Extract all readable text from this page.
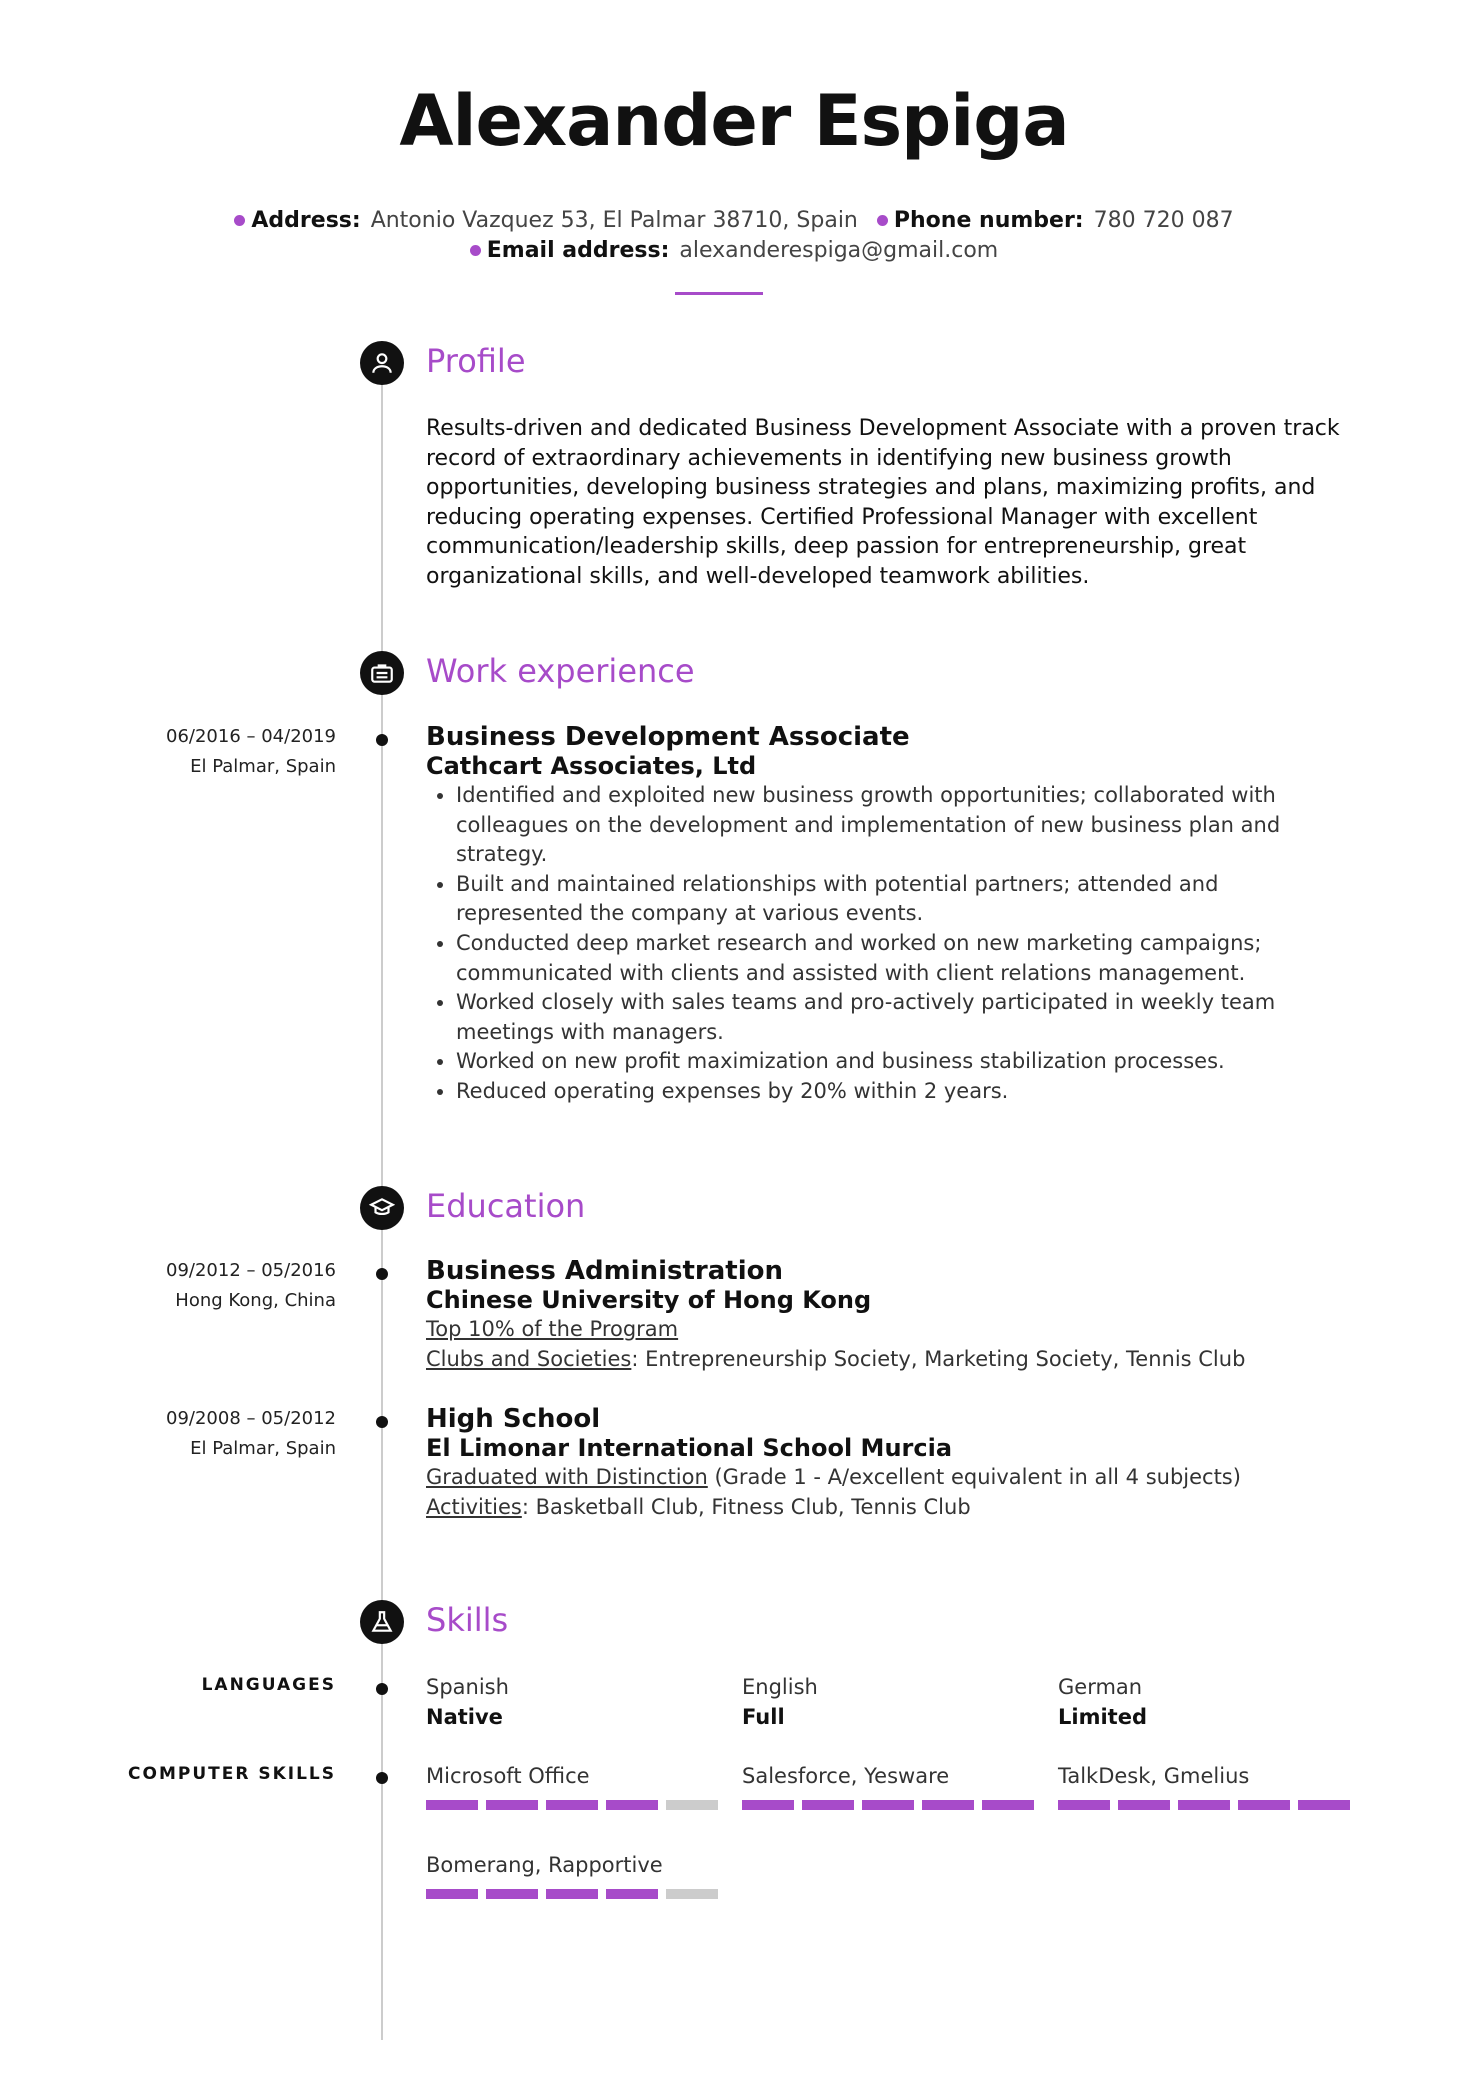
Alexander Espiga
Address: Antonio Vazquez 53, El Palmar 38710, Spain Phone number: 780 720 087
Email address: alexanderespiga@gmail.com
Profile

Results-driven and dedicated Business Development Associate with a proven track record of extraordinary achievements in identifying new business growth opportunities, developing business strategies and plans, maximizing profits, and reducing operating expenses. Certified Professional Manager with excellent communication/leadership skills, deep passion for entrepreneurship, great organizational skills, and well-developed teamwork abilities.

Work experience
06/2016 – 04/2019
El Palmar, Spain
Business Development Associate
Cathcart Associates, Ltd
• Identified and exploited new business growth opportunities; collaborated with colleagues on the development and implementation of new business plan and strategy.
• Built and maintained relationships with potential partners; attended and represented the company at various events.
• Conducted deep market research and worked on new marketing campaigns; communicated with clients and assisted with client relations management.
• Worked closely with sales teams and pro-actively participated in weekly team meetings with managers.
• Worked on new profit maximization and business stabilization processes.
• Reduced operating expenses by 20% within 2 years.
Education
09/2012 – 05/2016
Hong Kong, China
Business Administration
Chinese University of Hong Kong
Top 10% of the Program
Clubs and Societies: Entrepreneurship Society, Marketing Society, Tennis Club
09/2008 – 05/2012
El Palmar, Spain
High School
El Limonar International School Murcia
Graduated with Distinction (Grade 1 - A/excellent equivalent in all 4 subjects)
Activities: Basketball Club, Fitness Club, Tennis Club
Skills
LANGUAGES	Spanish
Native
English
Full
German
Limited
COMPUTER SKILLS	Microsoft Office	Salesforce, Yesware	TalkDesk, Gmelius
Bomerang, Rapportive
